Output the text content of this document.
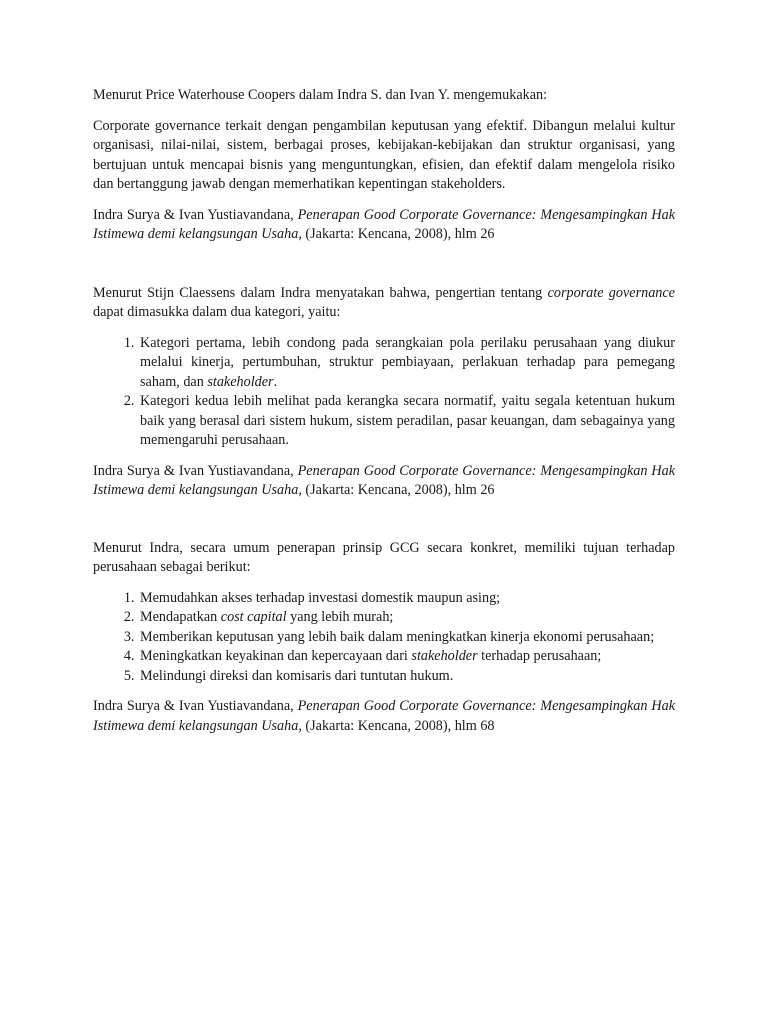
Menurut Price Waterhouse Coopers dalam Indra S. dan Ivan Y. mengemukakan:

Corporate governance terkait dengan pengambilan keputusan yang efektif. Dibangun melalui kultur organisasi, nilai-nilai, sistem, berbagai proses, kebijakan-kebijakan dan struktur organisasi, yang bertujuan untuk mencapai bisnis yang menguntungkan, efisien, dan efektif dalam mengelola risiko dan bertanggung jawab dengan memerhatikan kepentingan stakeholders.

Indra Surya & Ivan Yustiavandana, Penerapan Good Corporate Governance: Mengesampingkan Hak Istimewa demi kelangsungan Usaha, (Jakarta: Kencana, 2008), hlm 26

Menurut Stijn Claessens dalam Indra menyatakan bahwa, pengertian tentang corporate governance dapat dimasukka dalam dua kategori, yaitu:

1. Kategori pertama, lebih condong pada serangkaian pola perilaku perusahaan yang diukur melalui kinerja, pertumbuhan, struktur pembiayaan, perlakuan terhadap para pemegang saham, dan stakeholder.
2. Kategori kedua lebih melihat pada kerangka secara normatif, yaitu segala ketentuan hukum baik yang berasal dari sistem hukum, sistem peradilan, pasar keuangan, dam sebagainya yang memengaruhi perusahaan.

Indra Surya & Ivan Yustiavandana, Penerapan Good Corporate Governance: Mengesampingkan Hak Istimewa demi kelangsungan Usaha, (Jakarta: Kencana, 2008), hlm 26

Menurut Indra, secara umum penerapan prinsip GCG secara konkret, memiliki tujuan terhadap perusahaan sebagai berikut:

1. Memudahkan akses terhadap investasi domestik maupun asing;
2. Mendapatkan cost capital yang lebih murah;
3. Memberikan keputusan yang lebih baik dalam meningkatkan kinerja ekonomi perusahaan;
4. Meningkatkan keyakinan dan kepercayaan dari stakeholder terhadap perusahaan;
5. Melindungi direksi dan komisaris dari tuntutan hukum.

Indra Surya & Ivan Yustiavandana, Penerapan Good Corporate Governance: Mengesampingkan Hak Istimewa demi kelangsungan Usaha, (Jakarta: Kencana, 2008), hlm 68
